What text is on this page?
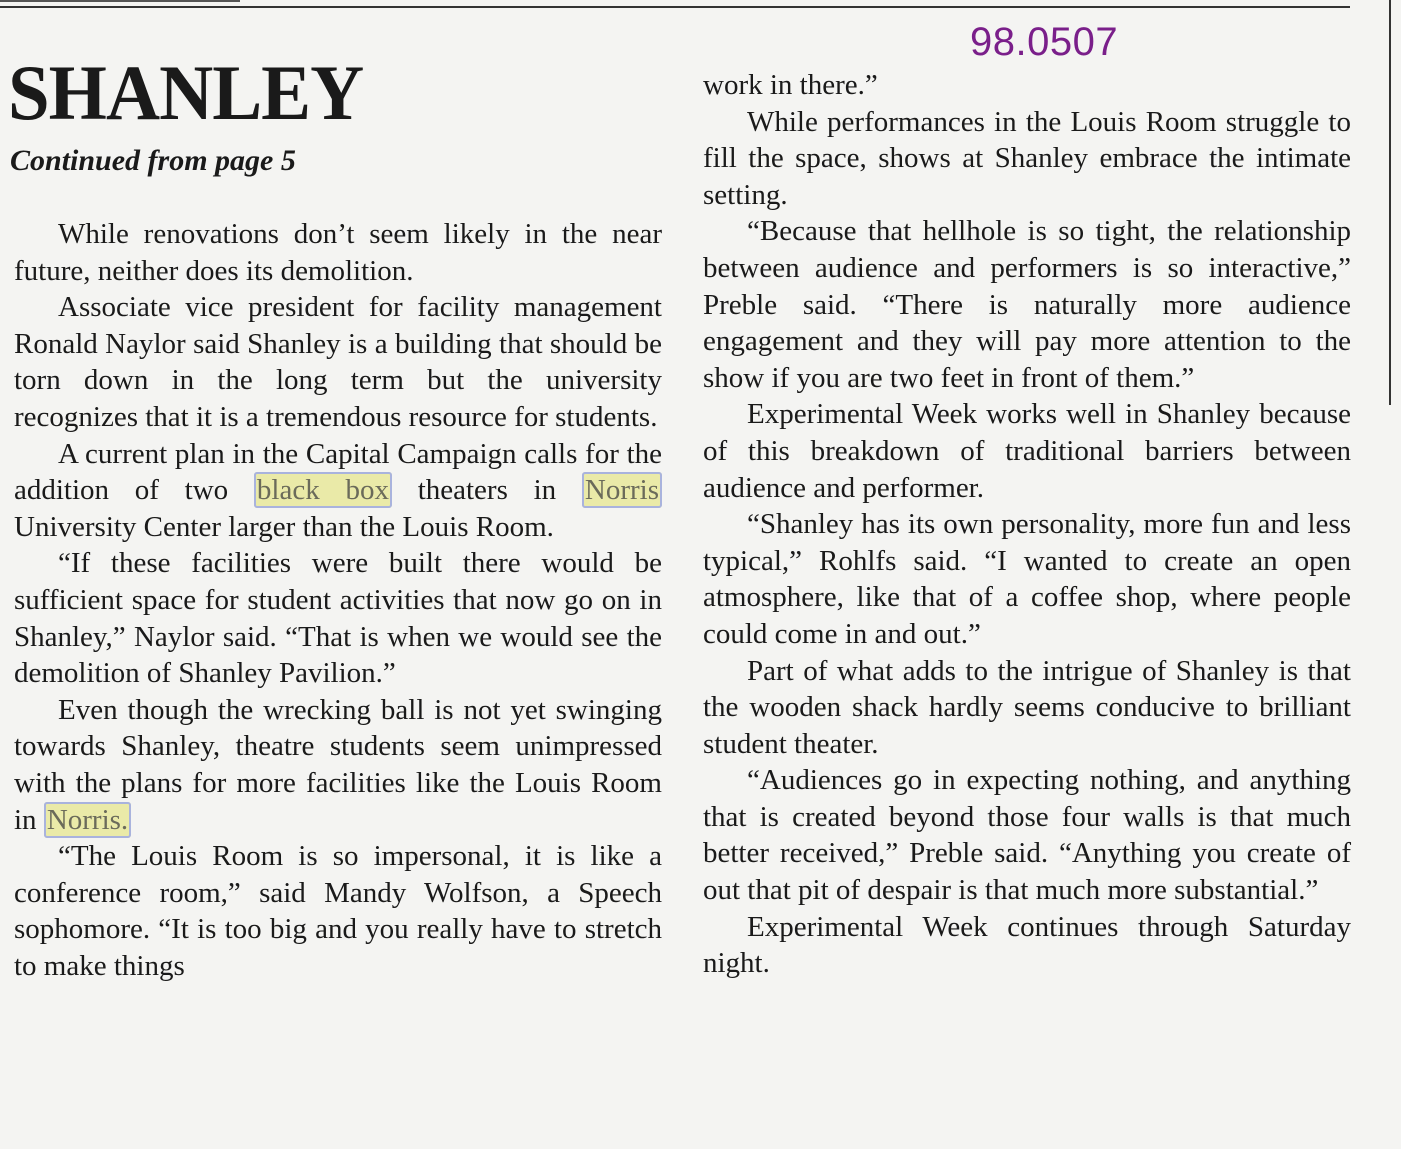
98.0507
SHANLEY

Continued from page 5

While renovations don’t seem likely in the near future, neither does its demolition.

Associate vice president for facility management Ronald Naylor said Shanley is a building that should be torn down in the long term but the university recognizes that it is a tremendous resource for students.

A current plan in the Capital Campaign calls for the addition of two black box theaters in Norris University Center larger than the Louis Room.

“If these facilities were built there would be sufficient space for student activities that now go on in Shanley,” Naylor said. “That is when we would see the demolition of Shanley Pavilion.”

Even though the wrecking ball is not yet swinging towards Shanley, theatre students seem unimpressed with the plans for more facilities like the Louis Room in Norris.

“The Louis Room is so impersonal, it is like a conference room,” said Mandy Wolfson, a Speech sophomore. “It is too big and you really have to stretch to make things

work in there.”

While performances in the Louis Room struggle to fill the space, shows at Shanley embrace the intimate setting.

“Because that hellhole is so tight, the relationship between audience and performers is so interactive,” Preble said. “There is naturally more audience engagement and they will pay more attention to the show if you are two feet in front of them.”

Experimental Week works well in Shanley because of this breakdown of traditional barriers between audience and performer.

“Shanley has its own personality, more fun and less typical,” Rohlfs said. “I wanted to create an open atmosphere, like that of a coffee shop, where people could come in and out.”

Part of what adds to the intrigue of Shanley is that the wooden shack hardly seems conducive to brilliant student theater.

“Audiences go in expecting nothing, and anything that is created beyond those four walls is that much better received,” Preble said. “Anything you create of out that pit of despair is that much more substantial.”

Experimental Week continues through Saturday night.
